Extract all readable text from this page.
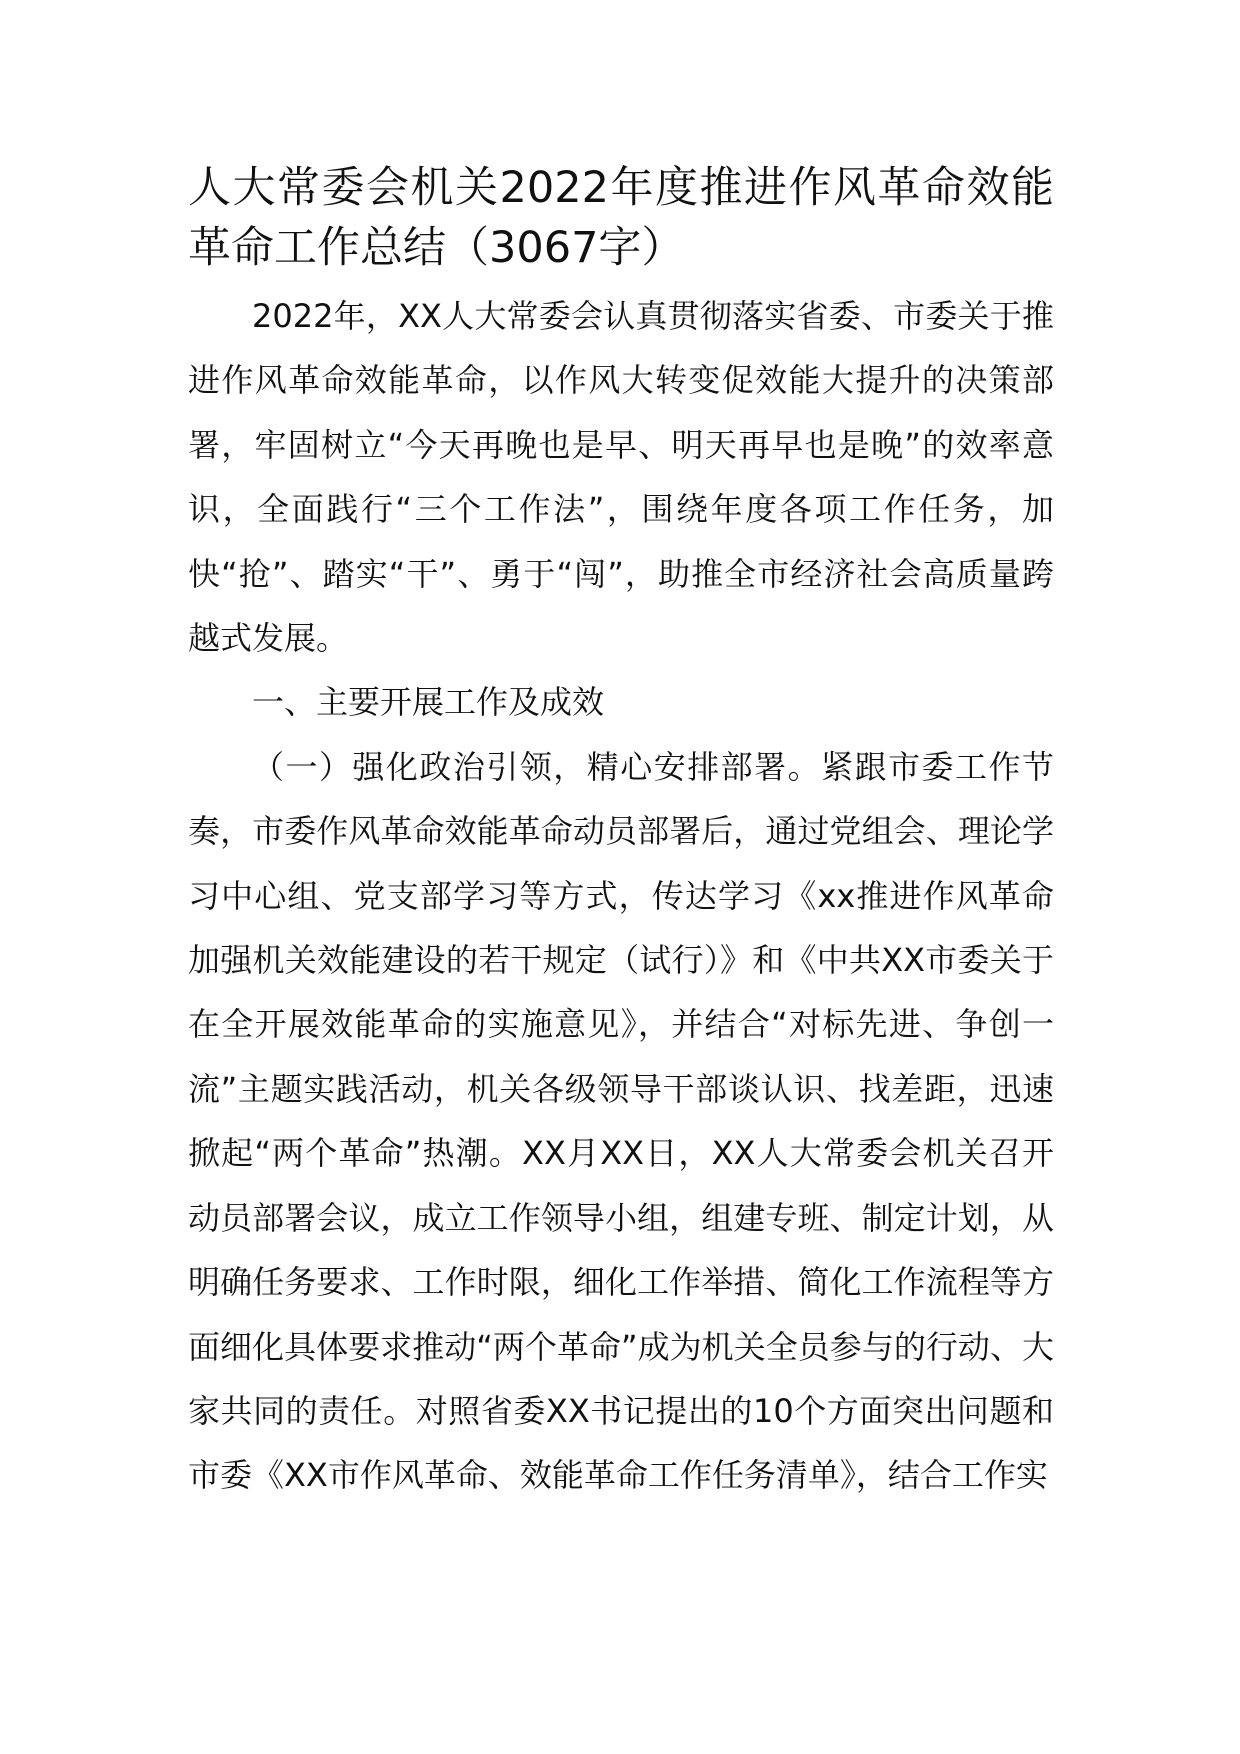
人大常委会机关2022年度推进作风革命效能革命工作总结（3067字）

2022年，XX人大常委会认真贯彻落实省委、市委关于推进作风革命效能革命，以作风大转变促效能大提升的决策部署，牢固树立“今天再晚也是早、明天再早也是晚”的效率意识，全面践行“三个工作法”，围绕年度各项工作任务，加快“抢”、踏实“干”、勇于“闯”，助推全市经济社会高质量跨越式发展。

一、主要开展工作及成效

（一）强化政治引领，精心安排部署。紧跟市委工作节奏，市委作风革命效能革命动员部署后，通过党组会、理论学习中心组、党支部学习等方式，传达学习《xx推进作风革命加强机关效能建设的若干规定（试行）》和《中共XX市委关于在全开展效能革命的实施意见》，并结合“对标先进、争创一流”主题实践活动，机关各级领导干部谈认识、找差距，迅速掀起“两个革命”热潮。XX月XX日，XX人大常委会机关召开动员部署会议，成立工作领导小组，组建专班、制定计划，从明确任务要求、工作时限，细化工作举措、简化工作流程等方面细化具体要求推动“两个革命”成为机关全员参与的行动、大家共同的责任。对照省委XX书记提出的10个方面突出问题和市委《XX市作风革命、效能革命工作任务清单》，结合工作实
